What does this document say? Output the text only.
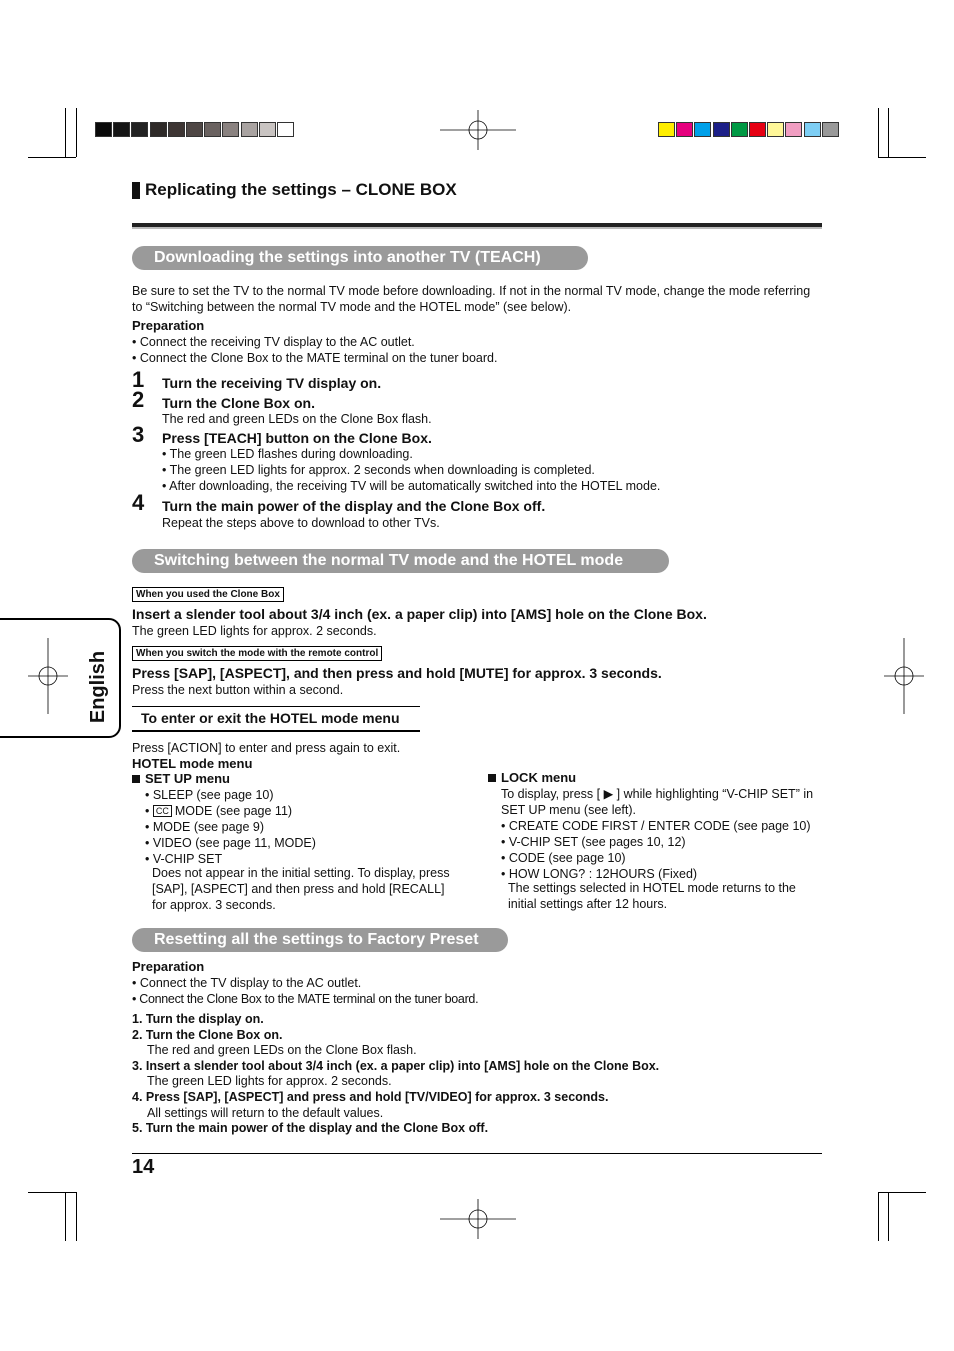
English
Replicating the settings – CLONE BOX
Downloading the settings into another TV (TEACH)
Be sure to set the TV to the normal TV mode before downloading. If not in the normal TV mode, change the mode referring
to “Switching between the normal TV mode and the HOTEL mode” (see below).
Preparation
• Connect the receiving TV display to the AC outlet.
• Connect the Clone Box to the MATE terminal on the tuner board.
1 Turn the receiving TV display on.
2 Turn the Clone Box on.
The red and green LEDs on the Clone Box flash.
3 Press [TEACH] button on the Clone Box.
• The green LED flashes during downloading.
• The green LED lights for approx. 2 seconds when downloading is completed.
• After downloading, the receiving TV will be automatically switched into the HOTEL mode.
4 Turn the main power of the display and the Clone Box off.
Repeat the steps above to download to other TVs.
Switching between the normal TV mode and the HOTEL mode
When you used the Clone Box
Insert a slender tool about 3/4 inch (ex. a paper clip) into [AMS] hole on the Clone Box.
The green LED lights for approx. 2 seconds.
When you switch the mode with the remote control
Press [SAP], [ASPECT], and then press and hold [MUTE] for approx. 3 seconds.
Press the next button within a second.
To enter or exit the HOTEL mode menu
Press [ACTION] to enter and press again to exit.
HOTEL mode menu
SET UP menu
• SLEEP (see page 10)
• CC MODE (see page 11)
• MODE (see page 9)
• VIDEO (see page 11, MODE)
• V-CHIP SET
Does not appear in the initial setting. To display, press
[SAP], [ASPECT] and then press and hold [RECALL]
for approx. 3 seconds.
LOCK menu
To display, press [ ▶ ] while highlighting “V-CHIP SET” in
SET UP menu (see left).
• CREATE CODE FIRST / ENTER CODE (see page 10)
• V-CHIP SET (see pages 10, 12)
• CODE (see page 10)
• HOW LONG? : 12HOURS (Fixed)
The settings selected in HOTEL mode returns to the
initial settings after 12 hours.
Resetting all the settings to Factory Preset
Preparation
• Connect the TV display to the AC outlet.
• Connect the Clone Box to the MATE terminal on the tuner board.
1. Turn the display on.
2. Turn the Clone Box on.
The red and green LEDs on the Clone Box flash.
3. Insert a slender tool about 3/4 inch (ex. a paper clip) into [AMS] hole on the Clone Box.
The green LED lights for approx. 2 seconds.
4. Press [SAP], [ASPECT] and press and hold [TV/VIDEO] for approx. 3 seconds.
All settings will return to the default values.
5. Turn the main power of the display and the Clone Box off.
14
